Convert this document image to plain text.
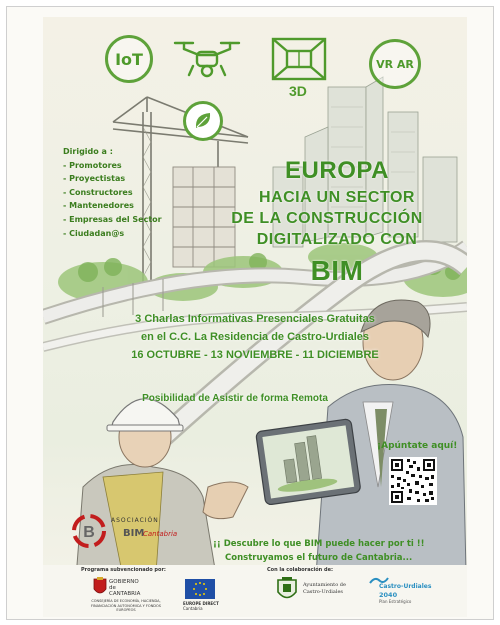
IoT
3D
VR AR
Dirigido a :
- Promotores
- Proyectistas
- Constructores
- Mantenedores
- Empresas del Sector
- Ciudadan@s
EUROPA
HACIA UN SECTOR
DE LA CONSTRUCCIÓN
DIGITALIZADO CON
BIM
3 Charlas Informativas Presenciales Gratuitas
en el C.C. La Residencia de Castro-Urdiales
16 OCTUBRE - 13 NOVIEMBRE - 11 DICIEMBRE
Posibilidad de Asistir de forma Remota
¡Apúntate aquí!
B
ASOCIACIÓN
BIM
Cantabria
¡¡ Descubre lo que BIM puede hacer por ti !!
Construyamos el futuro de Cantabria...
Programa subvencionado por:
GOBIERNO
de
CANTABRIA
CONSEJERÍA DE ECONOMÍA, HACIENDA, FINANCIACIÓN AUTONÓMICA Y FONDOS EUROPEOS
EUROPE DIRECT
Cantabria
Con la colaboración de:
Ayuntamiento de
Castro-Urdiales
Castro-Urdiales
2040
Plan Estratégico
